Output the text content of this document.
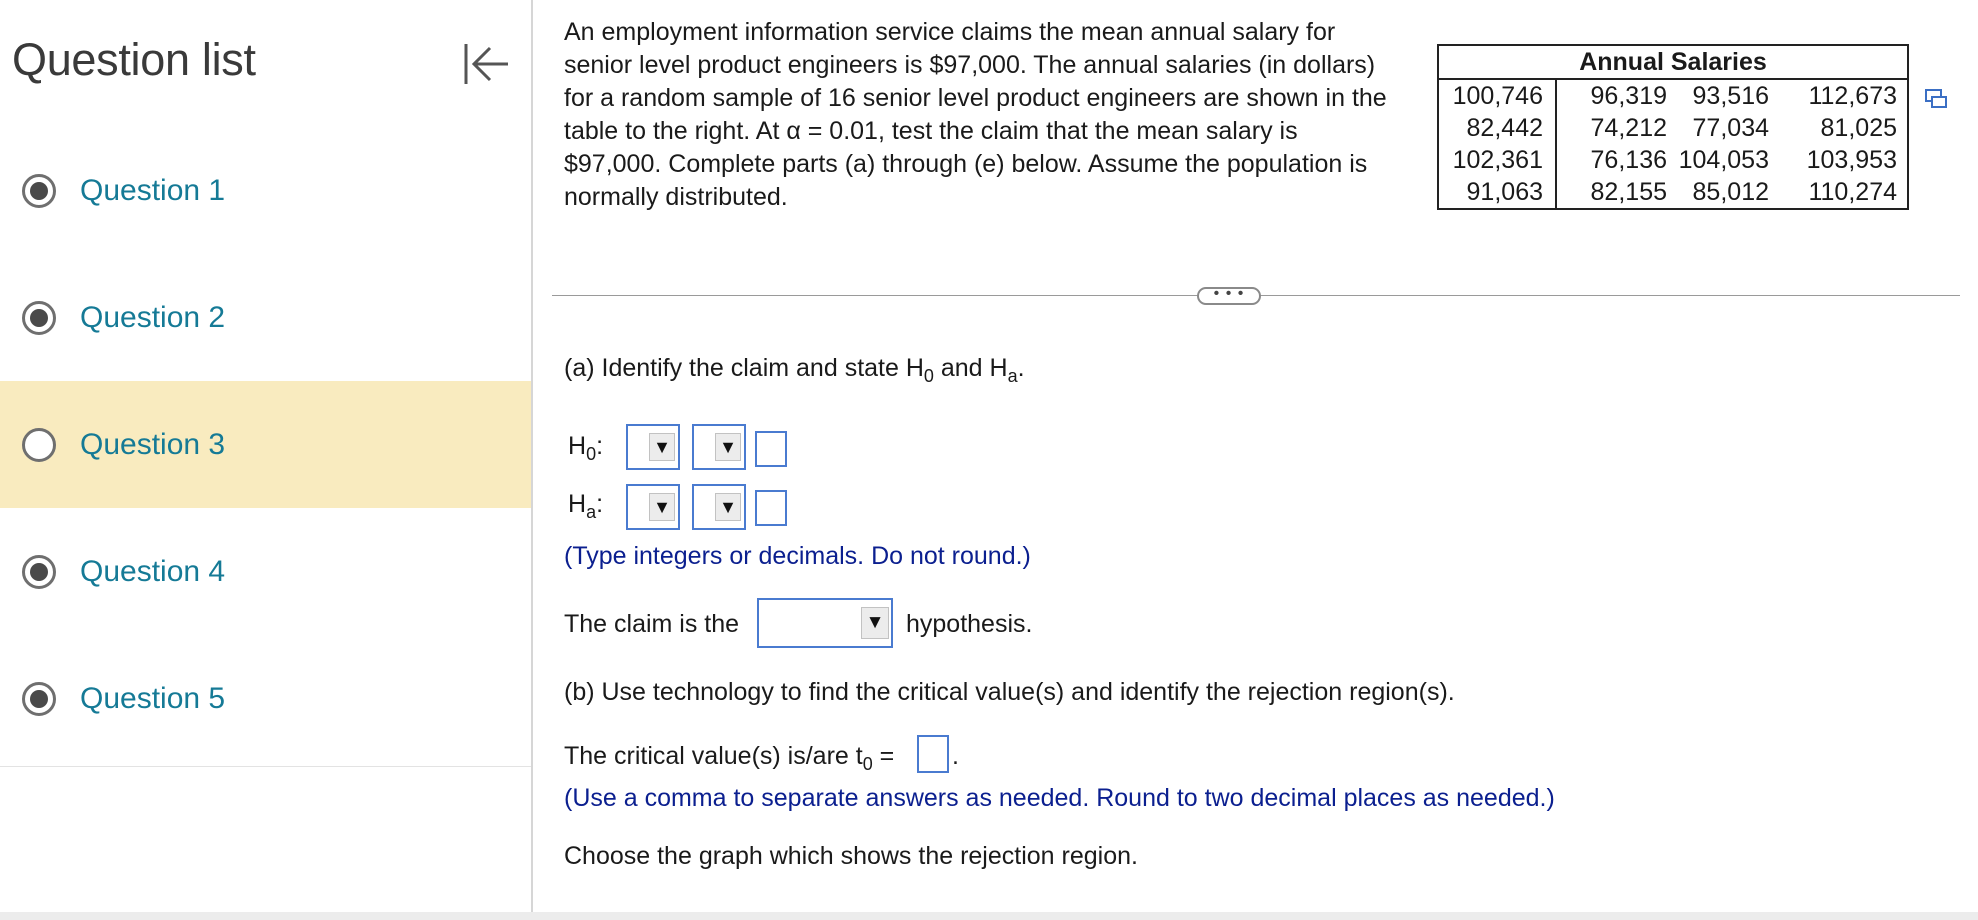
Question list
Question 1
Question 2
Question 3
Question 4
Question 5
An employment information service claims the mean annual salary for senior level product engineers is $97,000. The annual salaries (in dollars) for a random sample of 16 senior level product engineers are shown in the table to the right. At α = 0.01, test the claim that the mean salary is $97,000. Complete parts (a) through (e) below. Assume the population is normally distributed.
Annual Salaries			
100,746	96,319	93,516	112,673
82,442	74,212	77,034	81,025
102,361	76,136	104,053	103,953
91,063	82,155	85,012	110,274
• • •
(a) Identify the claim and state $H_0$ and $H_a$.
$H_0$:	▼	▼
$H_a$:	▼	▼
(Type integers or decimals. Do not round.)
The claim is the	▼ hypothesis.
(b) Use technology to find the critical value(s) and identify the rejection region(s).
The critical value(s) is/are $t_0$ = .
(Use a comma to separate answers as needed. Round to two decimal places as needed.)
Choose the graph which shows the rejection region.
